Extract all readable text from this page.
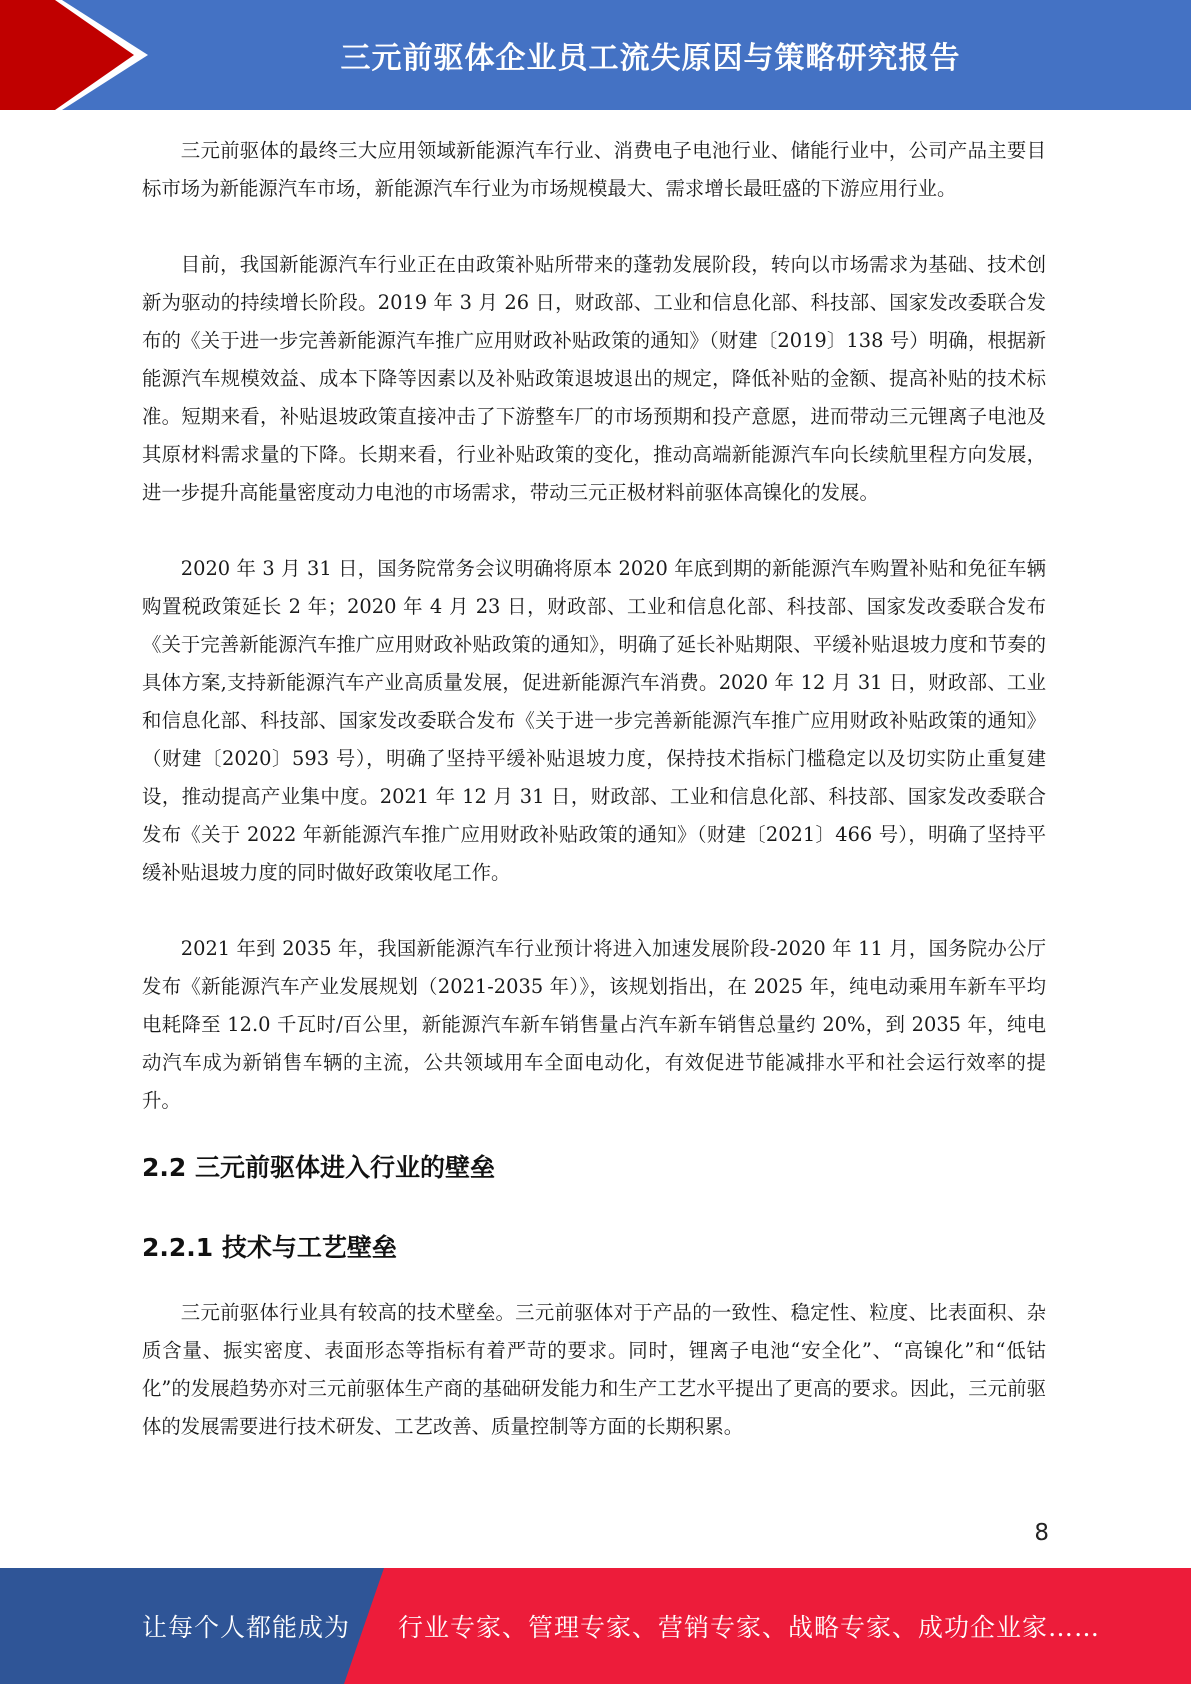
三元前驱体企业员工流失原因与策略研究报告

三元前驱体的最终三大应用领域新能源汽车行业、消费电子电池行业、储能行业中，公司产品主要目标市场为新能源汽车市场，新能源汽车行业为市场规模最大、需求增长最旺盛的下游应用行业。

目前，我国新能源汽车行业正在由政策补贴所带来的蓬勃发展阶段，转向以市场需求为基础、技术创新为驱动的持续增长阶段。2019 年 3 月 26 日，财政部、工业和信息化部、科技部、国家发改委联合发布的《关于进一步完善新能源汽车推广应用财政补贴政策的通知》（财建〔2019〕138 号）明确，根据新能源汽车规模效益、成本下降等因素以及补贴政策退坡退出的规定，降低补贴的金额、提高补贴的技术标准。短期来看，补贴退坡政策直接冲击了下游整车厂的市场预期和投产意愿，进而带动三元锂离子电池及其原材料需求量的下降。长期来看，行业补贴政策的变化，推动高端新能源汽车向长续航里程方向发展，进一步提升高能量密度动力电池的市场需求，带动三元正极材料前驱体高镍化的发展。

2020 年 3 月 31 日，国务院常务会议明确将原本 2020 年底到期的新能源汽车购置补贴和免征车辆购置税政策延长 2 年；2020 年 4 月 23 日，财政部、工业和信息化部、科技部、国家发改委联合发布《关于完善新能源汽车推广应用财政补贴政策的通知》，明确了延长补贴期限、平缓补贴退坡力度和节奏的具体方案,支持新能源汽车产业高质量发展，促进新能源汽车消费。2020 年 12 月 31 日，财政部、工业和信息化部、科技部、国家发改委联合发布《关于进一步完善新能源汽车推广应用财政补贴政策的通知》（财建〔2020〕593 号），明确了坚持平缓补贴退坡力度，保持技术指标门槛稳定以及切实防止重复建设，推动提高产业集中度。2021 年 12 月 31 日，财政部、工业和信息化部、科技部、国家发改委联合发布《关于 2022 年新能源汽车推广应用财政补贴政策的通知》（财建〔2021〕466 号），明确了坚持平缓补贴退坡力度的同时做好政策收尾工作。

2021 年到 2035 年，我国新能源汽车行业预计将进入加速发展阶段-2020 年 11 月，国务院办公厅发布《新能源汽车产业发展规划（2021-2035 年）》，该规划指出，在 2025 年，纯电动乘用车新车平均电耗降至 12.0 千瓦时/百公里，新能源汽车新车销售量占汽车新车销售总量约 20%，到 2035 年，纯电动汽车成为新销售车辆的主流，公共领域用车全面电动化，有效促进节能减排水平和社会运行效率的提升。

2.2 三元前驱体进入行业的壁垒
2.2.1 技术与工艺壁垒

三元前驱体行业具有较高的技术壁垒。三元前驱体对于产品的一致性、稳定性、粒度、比表面积、杂质含量、振实密度、表面形态等指标有着严苛的要求。同时，锂离子电池“安全化”、“高镍化”和“低钴化”的发展趋势亦对三元前驱体生产商的基础研发能力和生产工艺水平提出了更高的要求。因此，三元前驱体的发展需要进行技术研发、工艺改善、质量控制等方面的长期积累。

8
让每个人都能成为 行业专家、管理专家、营销专家、战略专家、成功企业家……
